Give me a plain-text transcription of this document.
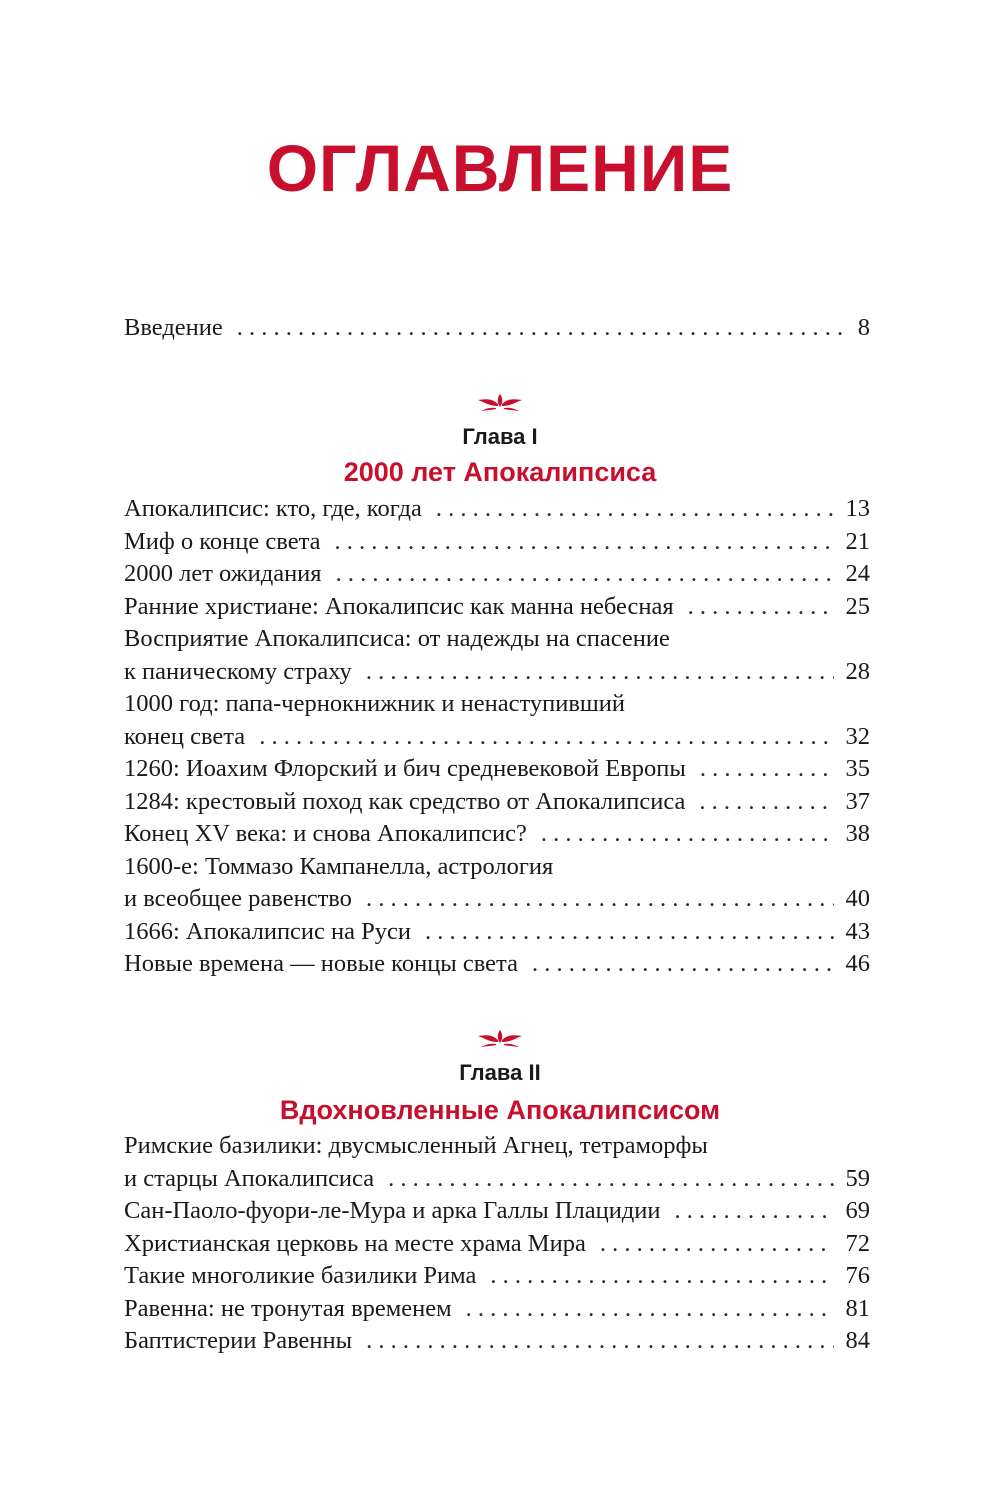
ОГЛАВЛЕНИЕ
Введение . . .	8
Глава I
2000 лет Апокалипсиса
Апокалипсис: кто, где, когда . . .	13
Миф о конце света . . .	21
2000 лет ожидания . . .	24
Ранние христиане: Апокалипсис как манна небесная . . .	25
Восприятие Апокалипсиса: от надежды на спасение
к паническому страху . . .	28
1000 год: папа-чернокнижник и ненаступивший
конец света . . .	32
1260: Иоахим Флорский и бич средневековой Европы . . .	35
1284: крестовый поход как средство от Апокалипсиса . . .	37
Конец XV века: и снова Апокалипсис? . . .	38
1600-е: Томмазо Кампанелла, астрология
и всеобщее равенство . . .	40
1666: Апокалипсис на Руси . . .	43
Новые времена — новые концы света . . .	46
Глава II
Вдохновленные Апокалипсисом
Римские базилики: двусмысленный Агнец, тетраморфы
и старцы Апокалипсиса . . .	59
Сан-Паоло-фуори-ле-Мура и арка Галлы Плацидии . . .	69
Христианская церковь на месте храма Мира . . .	72
Такие многоликие базилики Рима . . .	76
Равенна: не тронутая временем . . .	81
Баптистерии Равенны . . .	84
